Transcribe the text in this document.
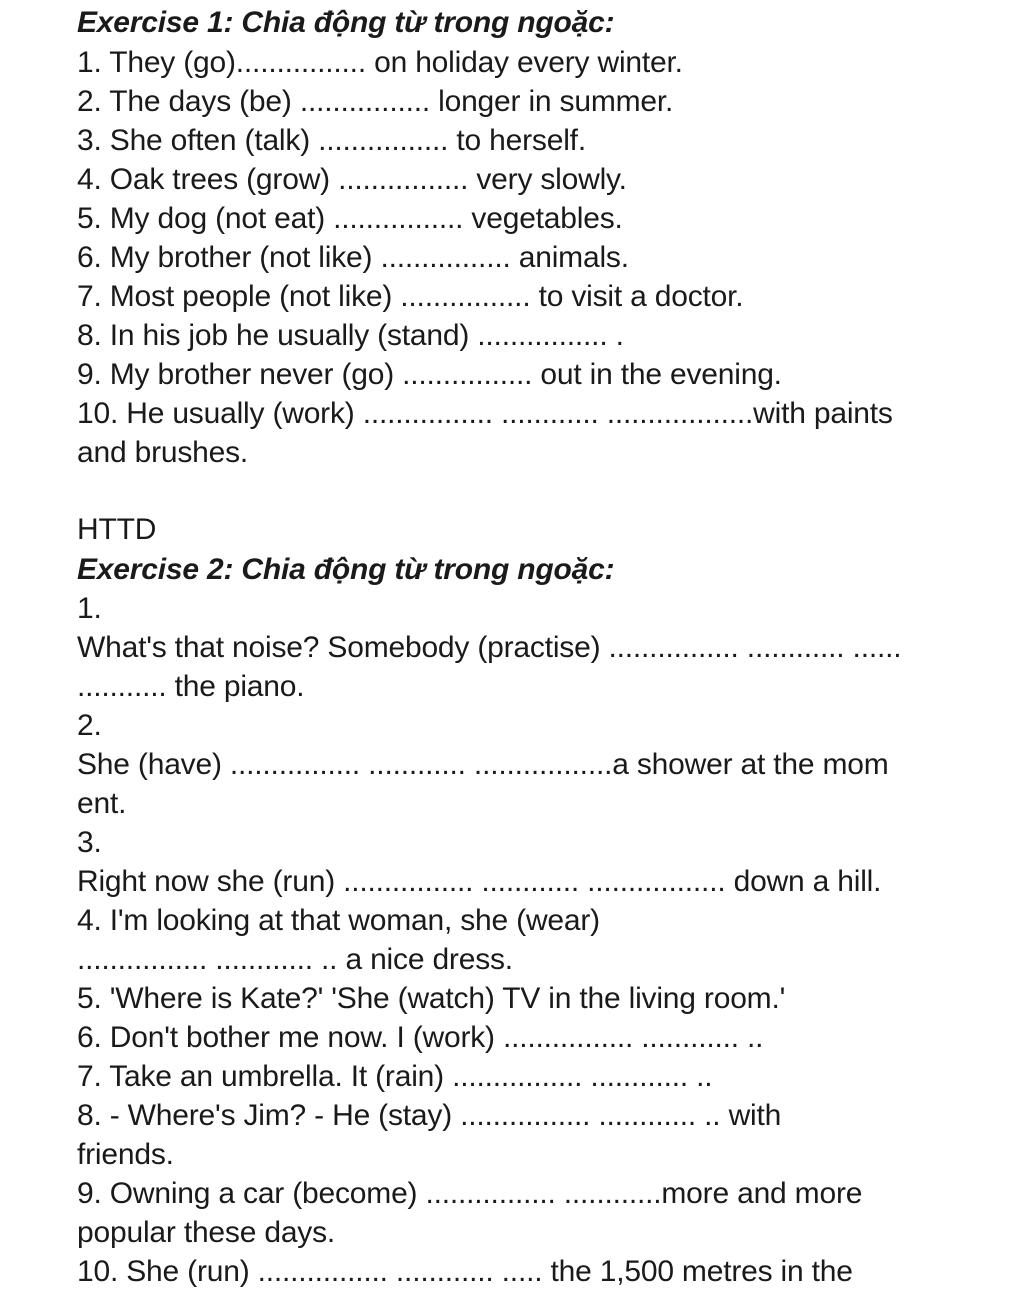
Exercise 1: Chia động từ trong ngoặc:
1. They (go)................ on holiday every winter.
2. The days (be) ................ longer in summer.
3. She often (talk) ................ to herself.
4. Oak trees (grow) ................ very slowly.
5. My dog (not eat) ................ vegetables.
6. My brother (not like) ................ animals.
7. Most people (not like) ................ to visit a doctor.
8. In his job he usually (stand) ................ .
9. My brother never (go) ................ out in the evening.
10. He usually (work) ................ ............ ..................with paints
and brushes.
HTTD
Exercise 2: Chia động từ trong ngoặc:
1.
What's that noise? Somebody (practise) ................ ............ ......
........... the piano.
2.
She (have) ................ ............ .................a shower at the mom
ent.
3.
Right now she (run) ................ ............ ................. down a hill.
4. I'm looking at that woman, she (wear)
................ ............ .. a nice dress.
5. 'Where is Kate?' 'She (watch) TV in the living room.'
6. Don't bother me now. I (work) ................ ............ ..
7. Take an umbrella. It (rain) ................ ............ ..
8. - Where's Jim? - He (stay) ................ ............ .. with
friends.
9. Owning a car (become) ................ ............more and more
popular these days.
10. She (run) ................ ............ ..... the 1,500 metres in the
